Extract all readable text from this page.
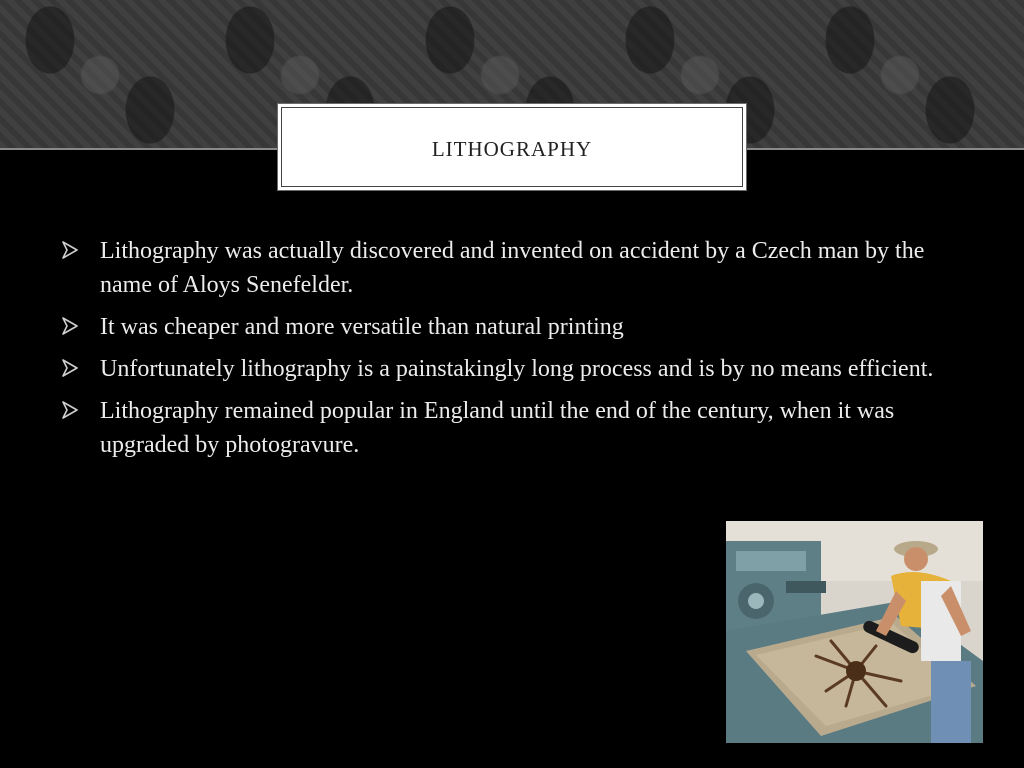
LITHOGRAPHY
Lithography was actually discovered and invented on accident by a Czech man by the name of Aloys Senefelder.
It was cheaper and more versatile than natural printing
Unfortunately lithography is a painstakingly long process and is by no means efficient.
Lithography remained popular in England until the end of the century, when it was upgraded by photogravure.
